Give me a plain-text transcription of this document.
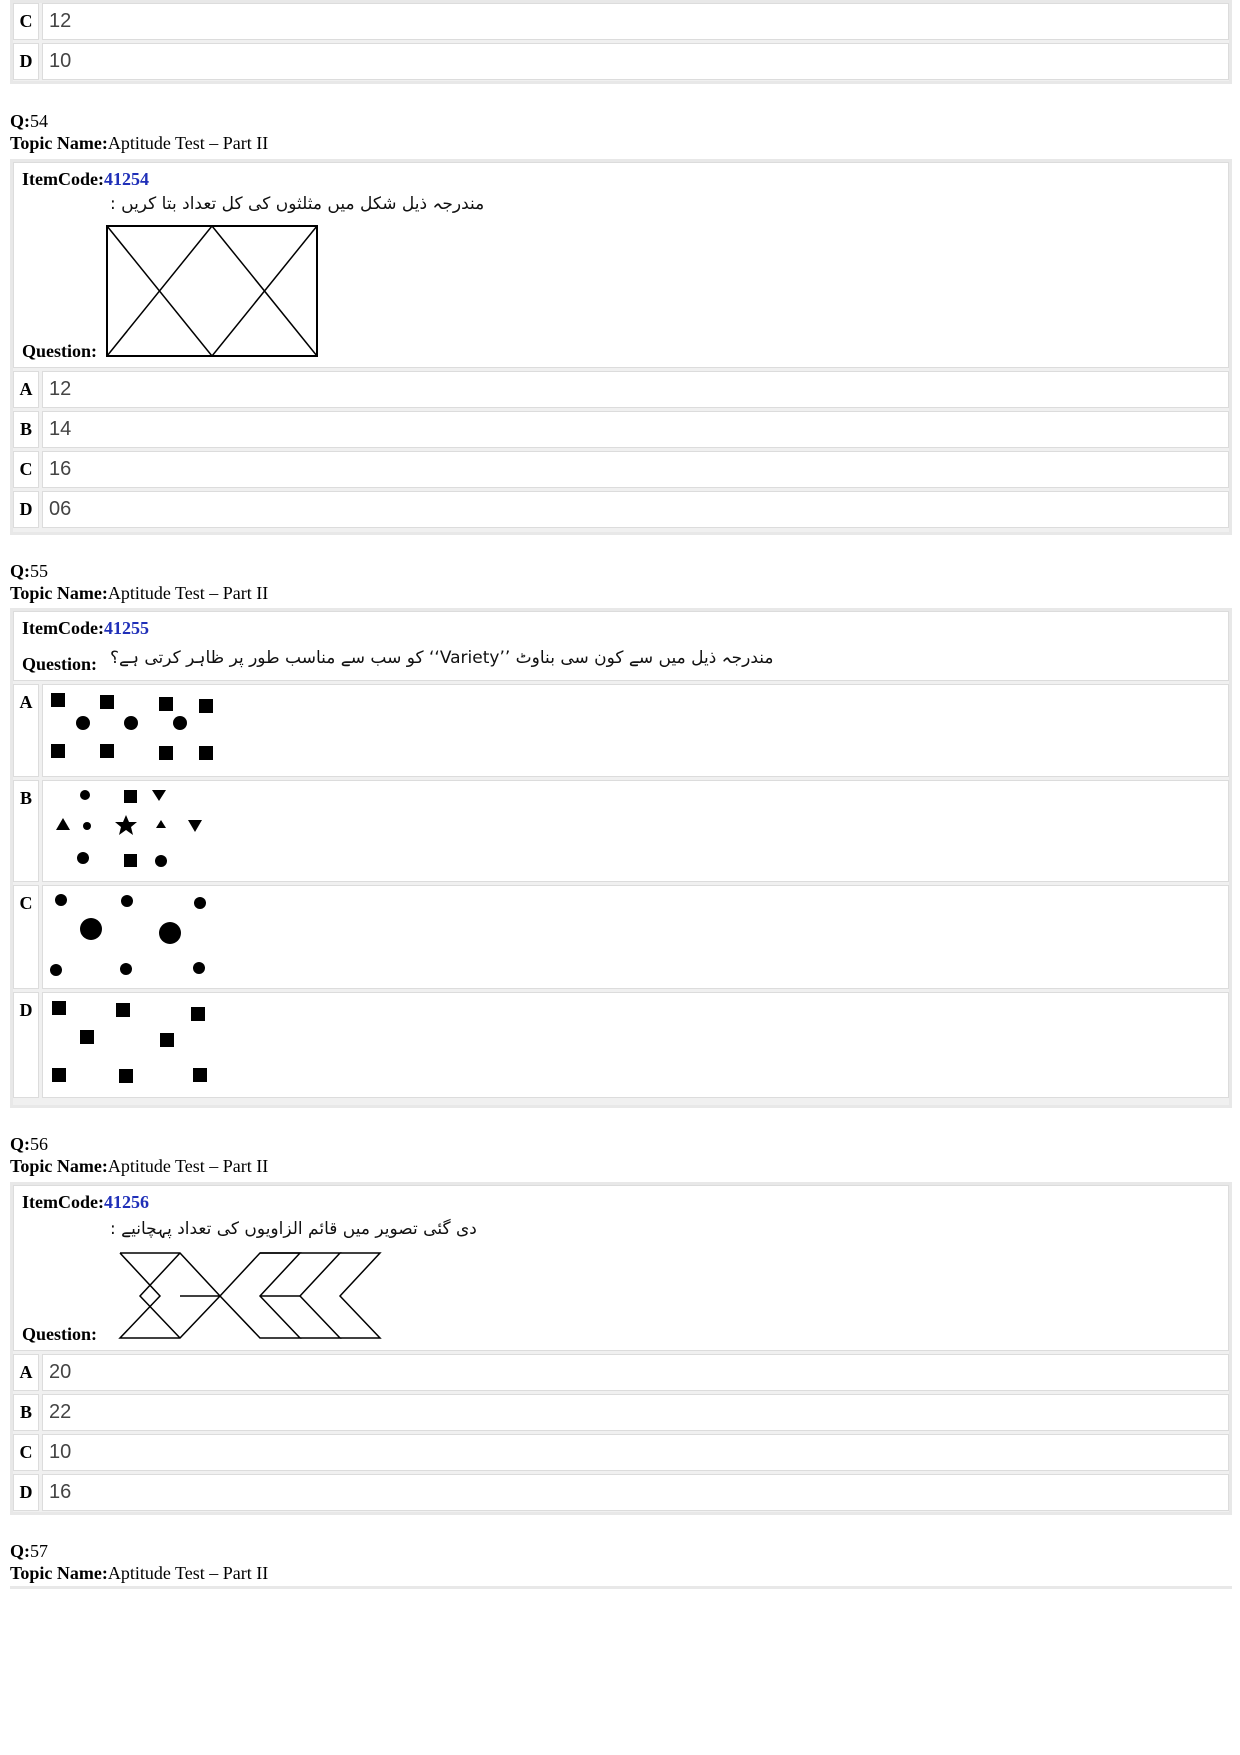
C 12
D 10
Q:54
Topic Name:Aptitude Test – Part II
ItemCode:41254
مندرجہ ذیل شکل میں مثلثوں کی کل تعداد بتا کریں :
Question:
A 12
B 14
C 16
D 06
Q:55
Topic Name:Aptitude Test – Part II
ItemCode:41255
Question: مندرجہ ذیل میں سے کون سی بناوٹ ’’Variety‘‘ کو سب سے مناسب طور پر ظاہر کرتی ہے؟
A
B
C
D
Q:56
Topic Name:Aptitude Test – Part II
ItemCode:41256
دی گئی تصویر میں قائم الزاویوں کی تعداد پہچانیے :
Question:
A 20
B 22
C 10
D 16
Q:57
Topic Name:Aptitude Test – Part II
